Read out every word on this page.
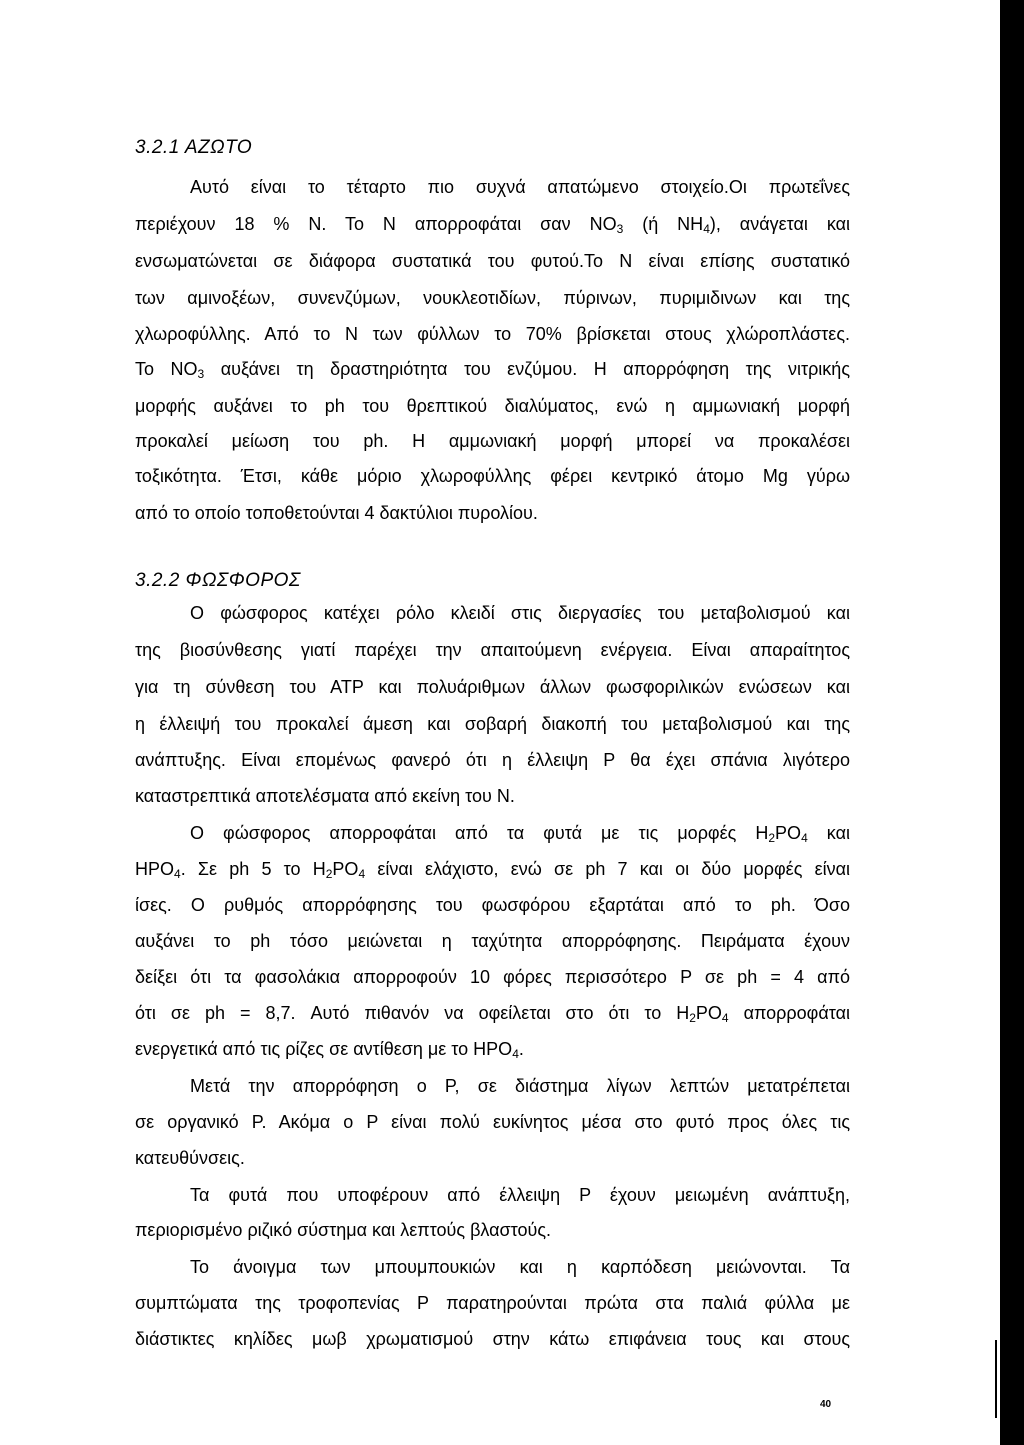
3.2.1 ΑΖΩΤΟ
Αυτό είναι το τέταρτο πιο συχνά απατώμενο στοιχείο.Οι πρωτεΐνες
περιέχουν 18 % Ν. Το Ν απορροφάται σαν $NO_3$ (ή $NH_4$), ανάγεται και
ενσωματώνεται σε διάφορα συστατικά του φυτού.Το Ν είναι επίσης συστατικό
των αμινοξέων, συνενζύμων, νουκλεοτιδίων, πύρινων, πυριμιδινων και της
χλωροφύλλης. Από το Ν των φύλλων το 70% βρίσκεται στους χλώροπλάστες.
Το $NO_3$ αυξάνει τη δραστηριότητα του ενζύμου. Η απορρόφηση της νιτρικής
μορφής αυξάνει το ph του θρεπτικού διαλύματος, ενώ η αμμωνιακή μορφή
προκαλεί μείωση του ph. Η αμμωνιακή μορφή μπορεί να προκαλέσει
τοξικότητα. Έτσι, κάθε μόριο χλωροφύλλης φέρει κεντρικό άτομο Mg γύρω
από το οποίο τοποθετούνται 4 δακτύλιοι πυρολίου.
3.2.2 ΦΩΣΦΟΡΟΣ
Ο φώσφορος κατέχει ρόλο κλειδί στις διεργασίες του μεταβολισμού και
της βιοσύνθεσης γιατί παρέχει την απαιτούμενη ενέργεια. Είναι απαραίτητος
για τη σύνθεση του ΑΤΡ και πολυάριθμων άλλων φωσφοριλικών ενώσεων και
η έλλειψή του προκαλεί άμεση και σοβαρή διακοπή του μεταβολισμού και της
ανάπτυξης. Είναι επομένως φανερό ότι η έλλειψη Ρ θα έχει σπάνια λιγότερο
καταστρεπτικά αποτελέσματα από εκείνη του Ν.
Ο φώσφορος απορροφάται από τα φυτά με τις μορφές $H_2PO_4$ και
$HPO_4$. Σε ph 5 το $H_2PO_4$ είναι ελάχιστο, ενώ σε ph 7 και οι δύο μορφές είναι
ίσες. Ο ρυθμός απορρόφησης του φωσφόρου εξαρτάται από το ph. Όσο
αυξάνει το ph τόσο μειώνεται η ταχύτητα απορρόφησης. Πειράματα έχουν
δείξει ότι τα φασολάκια απορροφούν 10 φόρες περισσότερο Ρ σε ph = 4 από
ότι σε ph = 8,7. Αυτό πιθανόν να οφείλεται στο ότι το $H_2PO_4$ απορροφάται
ενεργετικά από τις ρίζες σε αντίθεση με το $HPO_4$.
Μετά την απορρόφηση ο Ρ, σε διάστημα λίγων λεπτών μετατρέπεται
σε οργανικό Ρ. Ακόμα ο Ρ είναι πολύ ευκίνητος μέσα στο φυτό προς όλες τις
κατευθύνσεις.
Τα φυτά που υποφέρουν από έλλειψη Ρ έχουν μειωμένη ανάπτυξη,
περιορισμένο ριζικό σύστημα και λεπτούς βλαστούς.
Το άνοιγμα των μπουμπουκιών και η καρπόδεση μειώνονται. Τα
συμπτώματα της τροφοπενίας Ρ παρατηρούνται πρώτα στα παλιά φύλλα με
διάστικτες κηλίδες μωβ χρωματισμού στην κάτω επιφάνεια τους και στους
40
